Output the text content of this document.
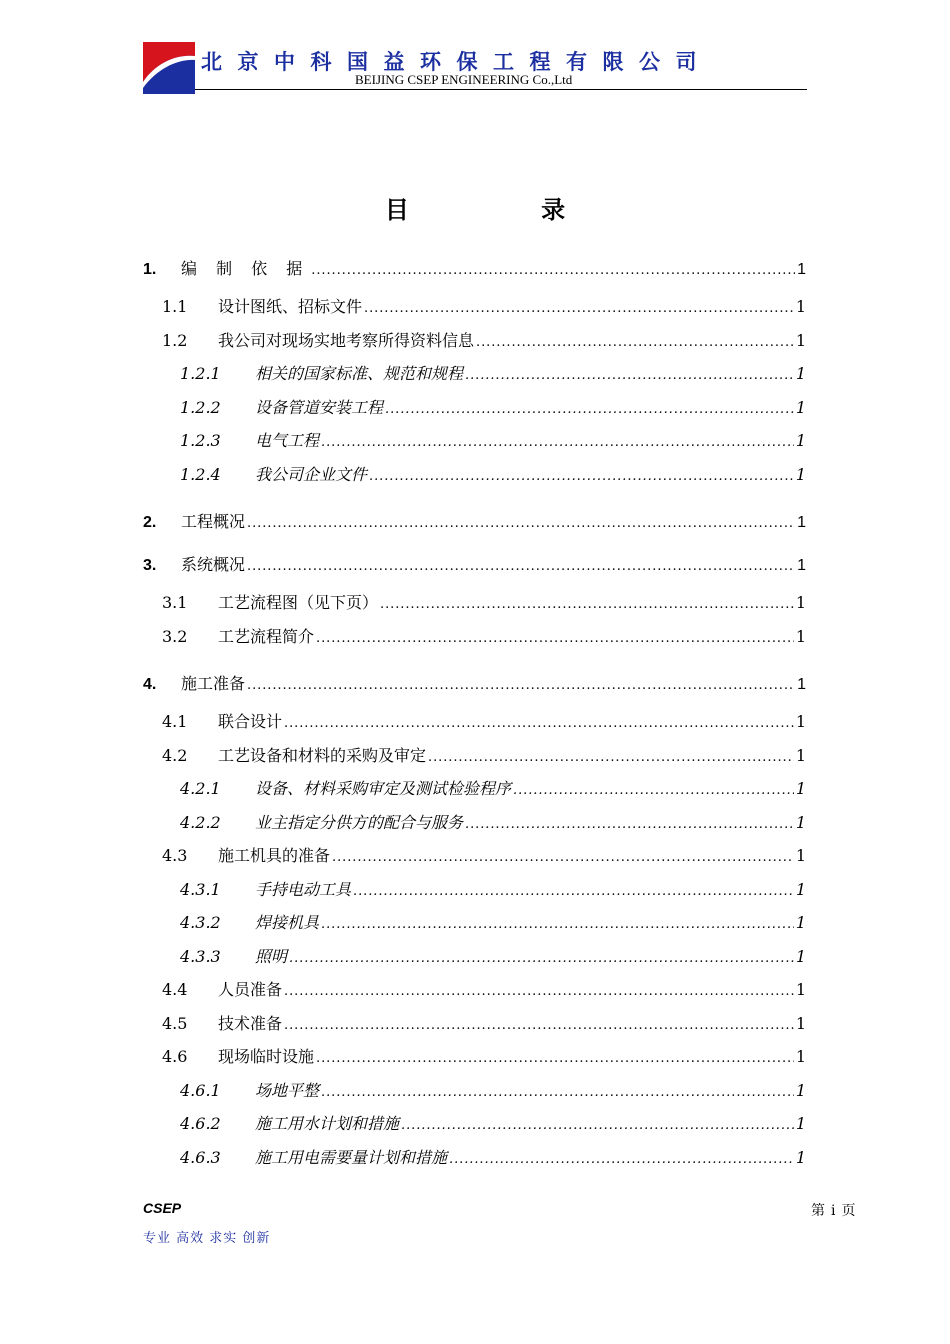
北京中科国益环保工程有限公司
BEIJING CSEP ENGINEERING Co.,Ltd
目 录
1.	编 制 依 据 . . .	1
1.1	设计图纸、招标文件 . . .	1
1.2	我公司对现场实地考察所得资料信息 . . .	1
1.2.1	相关的国家标准、规范和规程 . . .	1
1.2.2	设备管道安装工程 . . .	1
1.2.3	电气工程 . . .	1
1.2.4	我公司企业文件 . . .	1
2.	工程概况 . . .	1
3.	系统概况 . . .	1
3.1	工艺流程图（见下页） . . .	1
3.2	工艺流程简介 . . .	1
4.	施工准备 . . .	1
4.1	联合设计 . . .	1
4.2	工艺设备和材料的采购及审定 . . .	1
4.2.1	设备、材料采购审定及测试检验程序 . . .	1
4.2.2	业主指定分供方的配合与服务 . . .	1
4.3	施工机具的准备 . . .	1
4.3.1	手持电动工具 . . .	1
4.3.2	焊接机具 . . .	1
4.3.3	照明 . . .	1
4.4	人员准备 . . .	1
4.5	技术准备 . . .	1
4.6	现场临时设施 . . .	1
4.6.1	场地平整 . . .	1
4.6.2	施工用水计划和措施 . . .	1
4.6.3	施工用电需要量计划和措施 . . .	1
CSEP
专业 高效 求实 创新
第 i 页
